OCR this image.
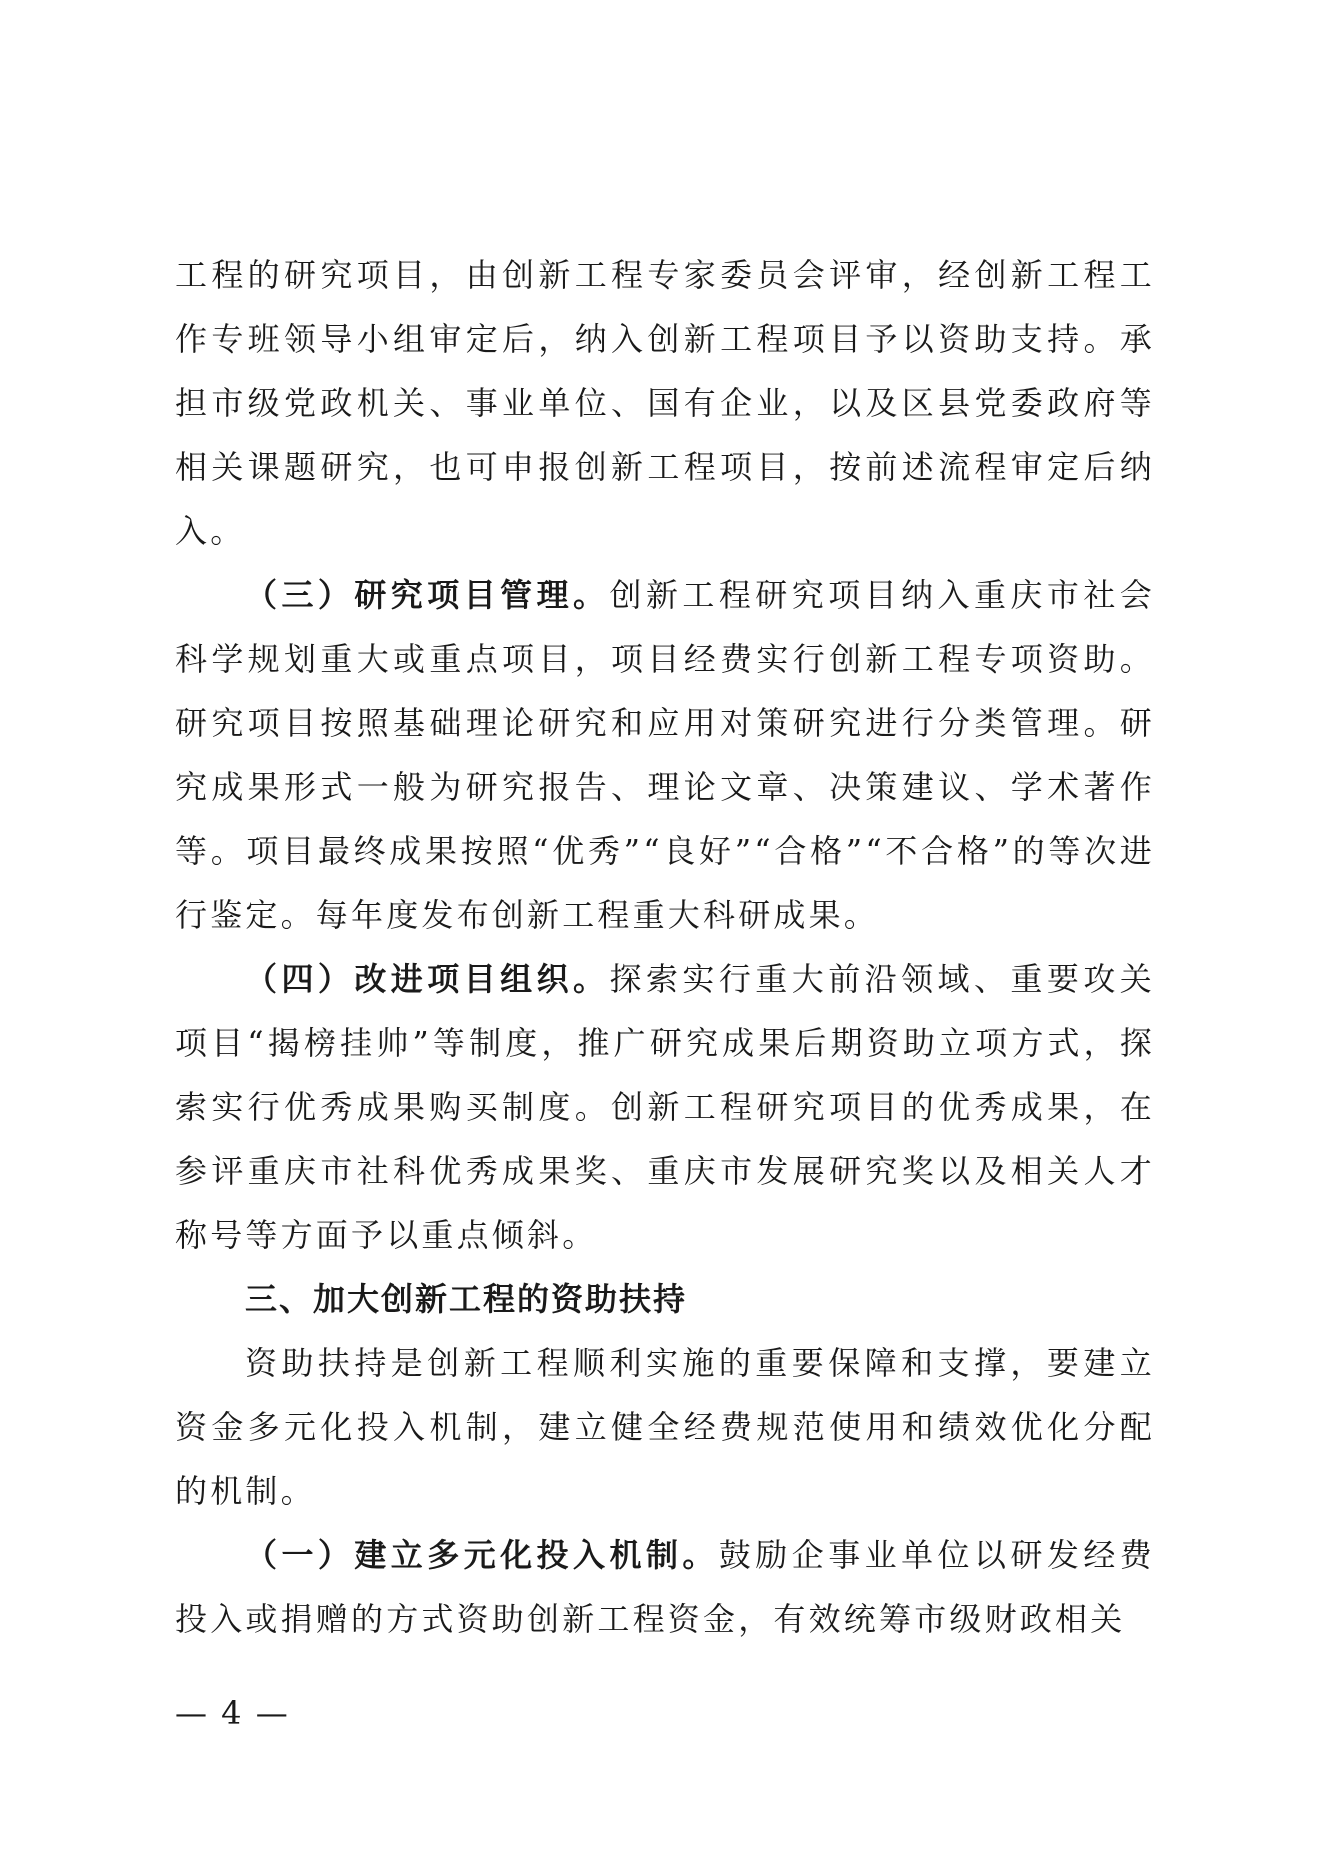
工程的研究项目，由创新工程专家委员会评审，经创新工程工作专班领导小组审定后，纳入创新工程项目予以资助支持。承担市级党政机关、事业单位、国有企业，以及区县党委政府等相关课题研究，也可申报创新工程项目，按前述流程审定后纳入。

（三）研究项目管理。创新工程研究项目纳入重庆市社会科学规划重大或重点项目，项目经费实行创新工程专项资助。研究项目按照基础理论研究和应用对策研究进行分类管理。研究成果形式一般为研究报告、理论文章、决策建议、学术著作等。项目最终成果按照“优秀”“良好”“合格”“不合格”的等次进行鉴定。每年度发布创新工程重大科研成果。

（四）改进项目组织。探索实行重大前沿领域、重要攻关项目“揭榜挂帅”等制度，推广研究成果后期资助立项方式，探索实行优秀成果购买制度。创新工程研究项目的优秀成果，在参评重庆市社科优秀成果奖、重庆市发展研究奖以及相关人才称号等方面予以重点倾斜。

三、加大创新工程的资助扶持

资助扶持是创新工程顺利实施的重要保障和支撑，要建立资金多元化投入机制，建立健全经费规范使用和绩效优化分配的机制。

（一）建立多元化投入机制。鼓励企事业单位以研发经费投入或捐赠的方式资助创新工程资金，有效统筹市级财政相关

— 4 —
